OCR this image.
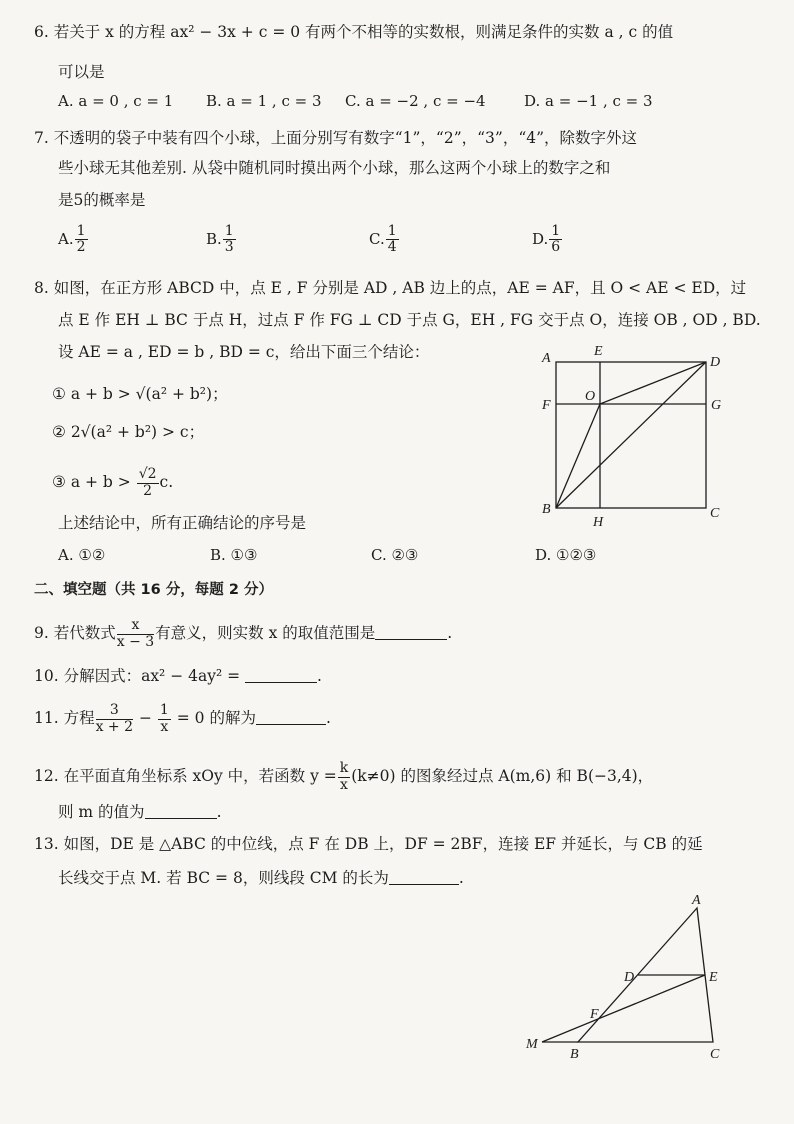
6. 若关于 x 的方程 ax² − 3x + c = 0 有两个不相等的实数根，则满足条件的实数 a , c 的值
可以是
A. a = 0 , c = 1 B. a = 1 , c = 3 C. a = −2 , c = −4	D. a = −1 , c = 3
7. 不透明的袋子中装有四个小球，上面分别写有数字“1”，“2”，“3”，“4”，除数字外这
些小球无其他差别. 从袋中随机同时摸出两个小球，那么这两个小球上的数字之和
是5的概率是
A. $\frac{1}{2}$	B. $\frac{1}{3}$	C. $\frac{1}{4}$	D. $\frac{1}{6}$
8. 如图，在正方形 ABCD 中，点 E , F 分别是 AD , AB 边上的点，AE = AF，且 O < AE < ED，过
点 E 作 EH ⊥ BC 于点 H，过点 F 作 FG ⊥ CD 于点 G，EH , FG 交于点 O，连接 OB , OD , BD.
设 AE = a , ED = b , BD = c，给出下面三个结论：
① a + b > √(a² + b²)；
② 2√(a² + b²) > c；
③ $a + b > \frac{√2}{2} c$.
上述结论中，所有正确结论的序号是
A. ①②	B. ①③	C. ②③	D. ①②③
A	E
D
O
F	G
B
H
C
二、填空题（共 16 分，每题 2 分）
9. 若代数式 $\frac{x}{x - 3}$ 有意义，则实数 x 的取值范围是	.
10. 分解因式：ax² − 4ay² =	.
11. 方程 $\frac{3}{x + 2} - \frac{1}{x} = 0$ 的解为	.
12. 在平面直角坐标系 xOy 中，若函数 $y = \frac{k}{x} (k\ne 0)$ 的图象经过点 A(m,6) 和 B(−3,4)，
则 m 的值为	.
13. 如图，DE 是 △ABC 的中位线，点 F 在 DB 上，DF = 2BF，连接 EF 并延长，与 CB 的延
长线交于点 M. 若 BC = 8，则线段 CM 的长为	.
A
D	E
F
M
B	C
